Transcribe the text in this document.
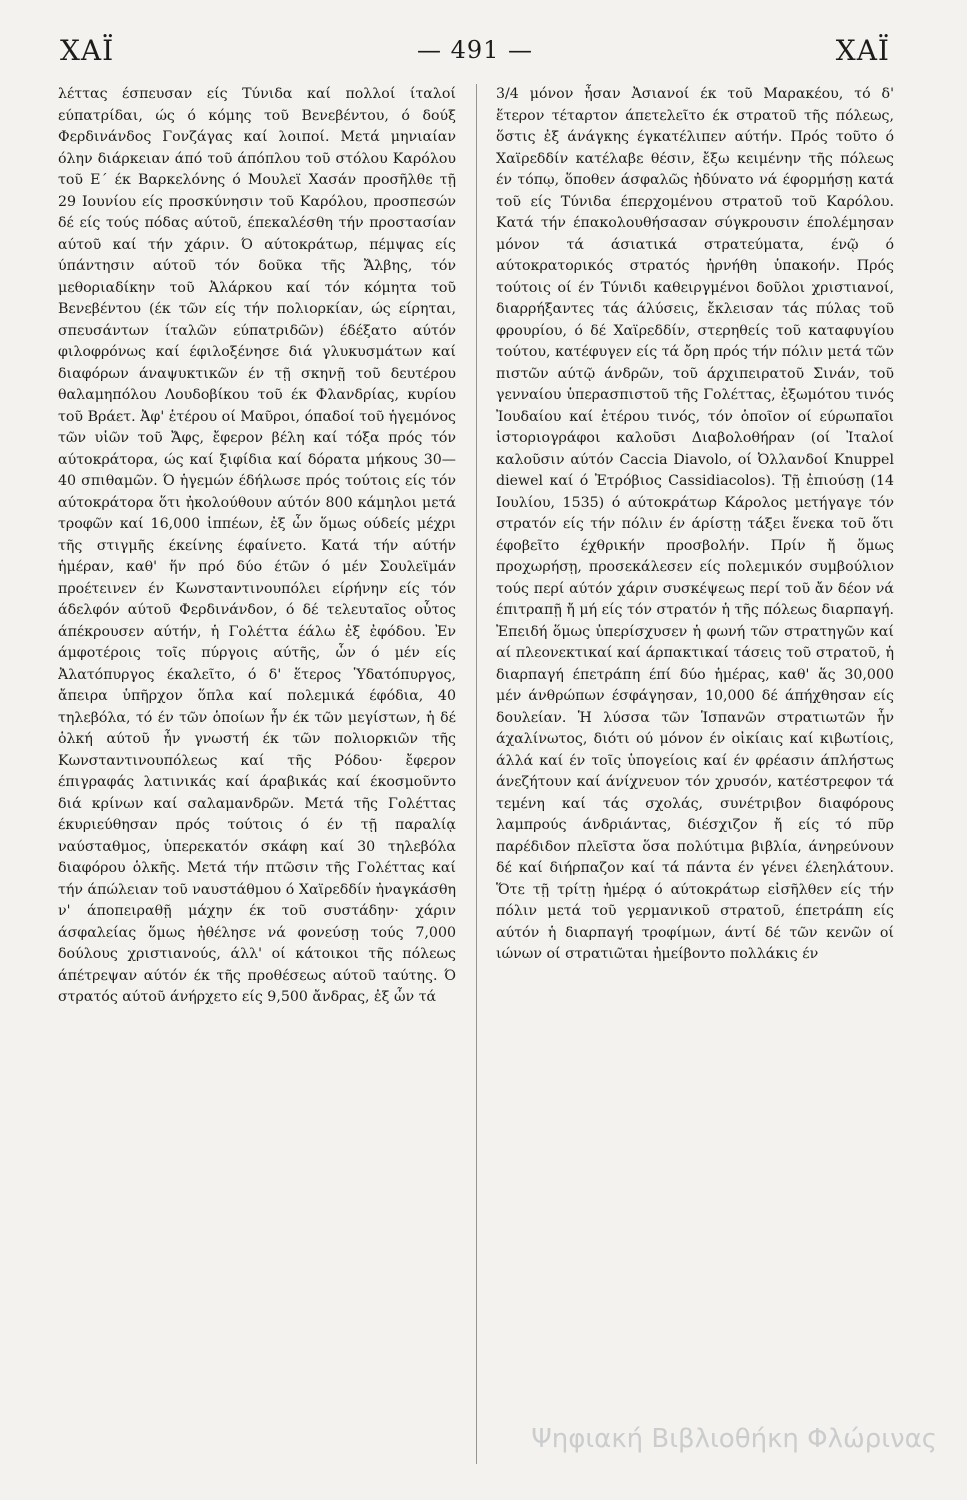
ΧΑΪ	— 491 —	ΧΑΪ

λέττας έσπευσαν είς Τύνιδα καί πολλοί ίταλοί εύπατρίδαι, ώς ό κόμης τοῦ Βενεβέντου, ό δούξ Φερδινάνδος Γονζάγας καί λοιποί. Μετά μηνιαίαν όλην διάρκειαν άπό τοῦ άπόπλου τοῦ στόλου Καρόλου τοῦ Ε΄ έκ Βαρκελόνης ό Μουλεϊ Χασάν προσῆλθε τῇ 29 Ιουνίου είς προσκύνησιν τοῦ Καρόλου, προσπεσών δέ είς τούς πόδας αύτοῦ, έπεκαλέσθη τήν προστασίαν αύτοῦ καί τήν χάριν. Ό αύτοκράτωρ, πέμψας είς ύπάντησιν αύτοῦ τόν δοῦκα τῆς Ἄλβης, τόν μεθοριαδίκην τοῦ Ἀλάρκου καί τόν κόμητα τοῦ Βενεβέντου (έκ τῶν είς τήν πολιορκίαν, ώς είρηται, σπευσάντων ίταλῶν εύπατριδῶν) έδέξατο αύτόν φιλοφρόνως καί έφιλοξένησε διά γλυκυσμάτων καί διαφόρων άναψυκτικῶν έν τῇ σκηνῇ τοῦ δευτέρου θαλαμηπόλου Λουδοβίκου τοῦ έκ Φλανδρίας, κυρίου τοῦ Βράετ. Ἀφ' ἑτέρου οί Μαῦροι, όπαδοί τοῦ ἡγεμόνος τῶν υἱῶν τοῦ Ἄφς, ἔφερον βέλη καί τόξα πρός τόν αύτοκράτορα, ώς καί ξιφίδια καί δόρατα μήκους 30—40 σπιθαμῶν. Ό ἡγεμών έδήλωσε πρός τούτοις είς τόν αύτοκράτορα ὅτι ἠκολούθουν αύτόν 800 κάμηλοι μετά τροφῶν καί 16,000 ἱππέων, ἐξ ὧν ὅμως ούδείς μέχρι τῆς στιγμῆς έκείνης έφαίνετο. Κατά τήν αύτήν ἡμέραν, καθ' ἥν πρό δύο έτῶν ό μέν Σουλεϊμάν προέτεινεν έν Κωνσταντινουπόλει είρήνην είς τόν άδελφόν αύτοῦ Φερδινάνδον, ό δέ τελευταῖος οὗτος άπέκρουσεν αύτήν, ἡ Γολέττα έάλω ἐξ ἐφόδου. Ἐν άμφοτέροις τοῖς πύργοις αύτῆς, ὧν ό μέν είς Ἀλατόπυργος έκαλεῖτο, ό δ' ἕτερος Ὑδατόπυργος, ἄπειρα ὑπῆρχον ὅπλα καί πολεμικά έφόδια, 40 τηλεβόλα, τό έν τῶν ὁποίων ἦν έκ τῶν μεγίστων, ἡ δέ ὁλκή αύτοῦ ἦν γνωστή έκ τῶν πολιορκιῶν τῆς Κωνσταντινουπόλεως καί τῆς Ρόδου· ἔφερον έπιγραφάς λατινικάς καί άραβικάς καί έκοσμοῦντο διά κρίνων καί σαλαμανδρῶν. Μετά τῆς Γολέττας έκυριεύθησαν πρός τούτοις ό έν τῇ παραλίᾳ ναύσταθμος, ὑπερεκατόν σκάφη καί 30 τηλεβόλα διαφόρου ὁλκῆς. Μετά τήν πτῶσιν τῆς Γολέττας καί τήν άπώλειαν τοῦ ναυστάθμου ό Χαϊρεδδίν ἠναγκάσθη ν' άποπειραθῇ μάχην έκ τοῦ συστάδην· χάριν άσφαλείας ὅμως ἠθέλησε νά φονεύσῃ τούς 7,000 δούλους χριστιανούς, άλλ' οί κάτοικοι τῆς πόλεως άπέτρεψαν αύτόν έκ τῆς προθέσεως αύτοῦ ταύτης. Ό στρατός αύτοῦ άνήρχετο είς 9,500 ἄνδρας, ἐξ ὧν τά

3/4 μόνον ἦσαν Ἀσιανοί έκ τοῦ Μαρακέου, τό δ' ἕτερον τέταρτον άπετελεῖτο έκ στρατοῦ τῆς πόλεως, ὅστις ἐξ άνάγκης έγκατέλιπεν αύτήν. Πρός τοῦτο ό Χαϊρεδδίν κατέλαβε θέσιν, ἔξω κειμένην τῆς πόλεως έν τόπῳ, ὅποθεν άσφαλῶς ἠδύνατο νά έφορμήσῃ κατά τοῦ είς Τύνιδα έπερχομένου στρατοῦ τοῦ Καρόλου. Κατά τήν έπακολουθήσασαν σύγκρουσιν έπολέμησαν μόνον τά άσιατικά στρατεύματα, ένῷ ό αύτοκρατορικός στρατός ἠρνήθη ὑπακοήν. Πρός τούτοις οί έν Τύνιδι καθειργμένοι δοῦλοι χριστιανοί, διαρρήξαντες τάς άλύσεις, ἔκλεισαν τάς πύλας τοῦ φρουρίου, ό δέ Χαϊρεδδίν, στερηθείς τοῦ καταφυγίου τούτου, κατέφυγεν είς τά ὄρη πρός τήν πόλιν μετά τῶν πιστῶν αύτῷ άνδρῶν, τοῦ άρχιπειρατοῦ Σινάν, τοῦ γενναίου ὑπερασπιστοῦ τῆς Γολέττας, ἐξωμότου τινός Ἰουδαίου καί ἑτέρου τινός, τόν ὁποῖον οί εύρωπαῖοι ἱστοριογράφοι καλοῦσι Διαβολοθήραν (οί Ἰταλοί καλοῦσιν αύτόν Caccia Diavolo, οί Ὀλλανδοί Knuppel diewel καί ό Ἐτρόβιος Cassidiacolos). Τῇ ἐπιούσῃ (14 Ιουλίου, 1535) ό αύτοκράτωρ Κάρολος μετήγαγε τόν στρατόν είς τήν πόλιν έν άρίστῃ τάξει ἕνεκα τοῦ ὅτι έφοβεῖτο έχθρικήν προσβολήν. Πρίν ἤ ὅμως προχωρήσῃ, προσεκάλεσεν είς πολεμικόν συμβούλιον τούς περί αύτόν χάριν συσκέψεως περί τοῦ ἄν δέον νά έπιτραπῇ ἤ μή είς τόν στρατόν ἡ τῆς πόλεως διαρπαγή. Ἐπειδή ὅμως ὑπερίσχυσεν ἡ φωνή τῶν στρατηγῶν καί αί πλεονεκτικαί καί άρπακτικαί τάσεις τοῦ στρατοῦ, ἡ διαρπαγή έπετράπη έπί δύο ἡμέρας, καθ' ἅς 30,000 μέν άνθρώπων έσφάγησαν, 10,000 δέ άπήχθησαν είς δουλείαν. Ἡ λύσσα τῶν Ἱσπανῶν στρατιωτῶν ἦν άχαλίνωτος, διότι ού μόνον έν οἰκίαις καί κιβωτίοις, άλλά καί έν τοῖς ὑπογείοις καί έν φρέασιν άπλήστως άνεζήτουν καί άνίχνευον τόν χρυσόν, κατέστρεφον τά τεμένη καί τάς σχολάς, συνέτριβον διαφόρους λαμπρούς άνδριάντας, διέσχιζον ἤ είς τό πῦρ παρέδιδον πλεῖστα ὅσα πολύτιμα βιβλία, άνηρεύνουν δέ καί διήρπαζον καί τά πάντα έν γένει έλεηλάτουν. Ὅτε τῇ τρίτῃ ἡμέρᾳ ό αύτοκράτωρ εἰσῆλθεν είς τήν πόλιν μετά τοῦ γερμανικοῦ στρατοῦ, έπετράπη είς αύτόν ἡ διαρπαγή τροφίμων, άντί δέ τῶν κενῶν οί ιώνων οί στρατιῶται ἠμείβοντο πολλάκις έν

Ψηφιακή Βιβλιοθήκη Φλώρινας
